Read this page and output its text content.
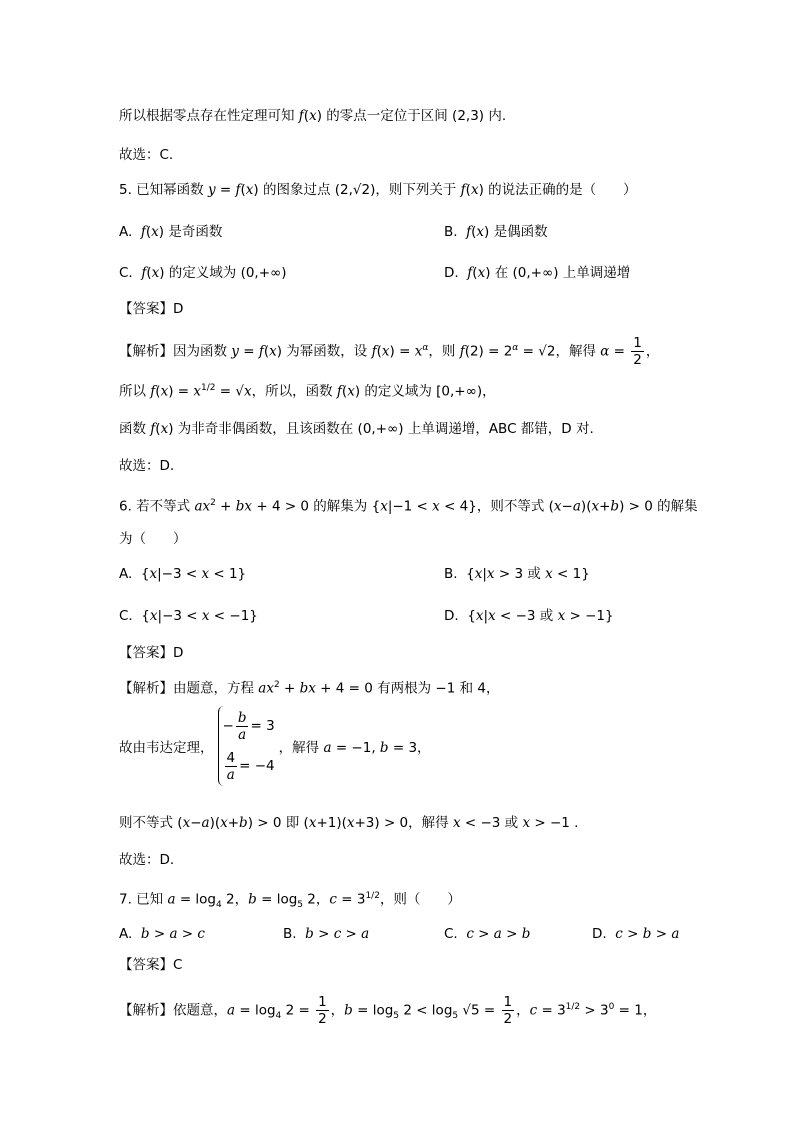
所以根据零点存在性定理可知 f(x) 的零点一定位于区间 (2,3) 内.
故选：C.
5. 已知幂函数 y = f(x) 的图象过点 (2,√2)，则下列关于 f(x) 的说法正确的是（　　）
A.  f(x) 是奇函数	B.  f(x) 是偶函数
C.  f(x) 的定义域为 (0,+∞)	D.  f(x) 在 (0,+∞) 上单调递增
【答案】D
【解析】因为函数 y = f(x) 为幂函数，设 $f(x) = x^\alpha$，则 $f(2) = 2^\alpha = √2$，解得 $\alpha = \frac{1}{2}$ ，
所以 $f(x) = x^{1/2} = √x$，所以，函数 f(x) 的定义域为 [0,+∞)，
函数 f(x) 为非奇非偶函数，且该函数在 (0,+∞) 上单调递增，ABC 都错，D 对.
故选：D.
6. 若不等式 $ax^2$ + bx + 4 > 0 的解集为 {x|−1 < x < 4}，则不等式 (x−a)(x+b) > 0 的解集
为（　　）
A.  {x|−3 < x < 1}	B.  {x|x > 3 或 x < 1}
C.  {x|−3 < x < −1}	D.  {x|x < −3 或 x > −1}
【答案】D
【解析】由题意，方程 $ax^2$ + bx + 4 = 0 有两根为 −1 和 4，
故由韦达定理，
− $\frac{b}{a} = 3$
$\frac{4}{a} = -4$
，解得 a = −1, b = 3，
则不等式 (x−a)(x+b) > 0 即 (x+1)(x+3) > 0，解得 x < −3 或 x > −1 .
故选：D.
7. 已知 $a = \log_4 2$，$b = \log_5 2$，$c = 3^{1/2}$，则（　　）
A.  b > a > c	B.  b > c > a	C.  c > a > b	D.  c > b > a
【答案】C
【解析】依题意，$a = \log_4 2 = \frac{1}{2}$ ，$b = \log_5 2 < \log_5 √5 = \frac{1}{2}$ ，$c = 3^{1/2} > 3^0 = 1$，
